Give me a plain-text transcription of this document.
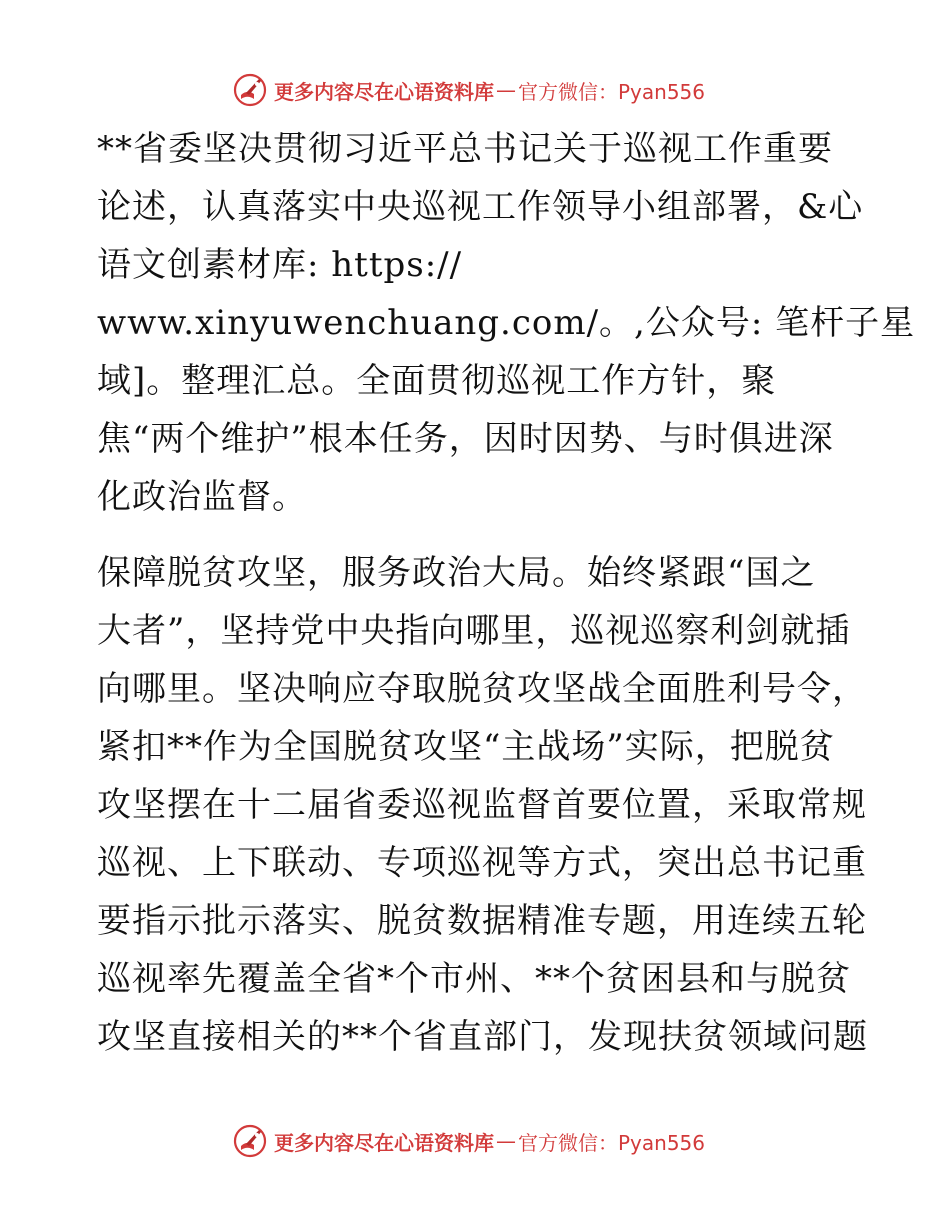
更多内容尽在心语资料库 — 官方微信：Pyan556
**省委坚决贯彻习近平总书记关于巡视工作重要
论述，认真落实中央巡视工作领导小组部署，&心
语文创素材库: https://
www.xinyuwenchuang.com/。,公众号: 笔杆子星
域]。整理汇总。全面贯彻巡视工作方针，聚
焦“两个维护”根本任务，因时因势、与时俱进深
化政治监督。
保障脱贫攻坚，服务政治大局。始终紧跟“国之
大者”，坚持党中央指向哪里，巡视巡察利剑就插
向哪里。坚决响应夺取脱贫攻坚战全面胜利号令，
紧扣**作为全国脱贫攻坚“主战场”实际，把脱贫
攻坚摆在十二届省委巡视监督首要位置，采取常规
巡视、上下联动、专项巡视等方式，突出总书记重
要指示批示落实、脱贫数据精准专题，用连续五轮
巡视率先覆盖全省*个市州、**个贫困县和与脱贫
攻坚直接相关的**个省直部门，发现扶贫领域问题
更多内容尽在心语资料库 — 官方微信：Pyan556
